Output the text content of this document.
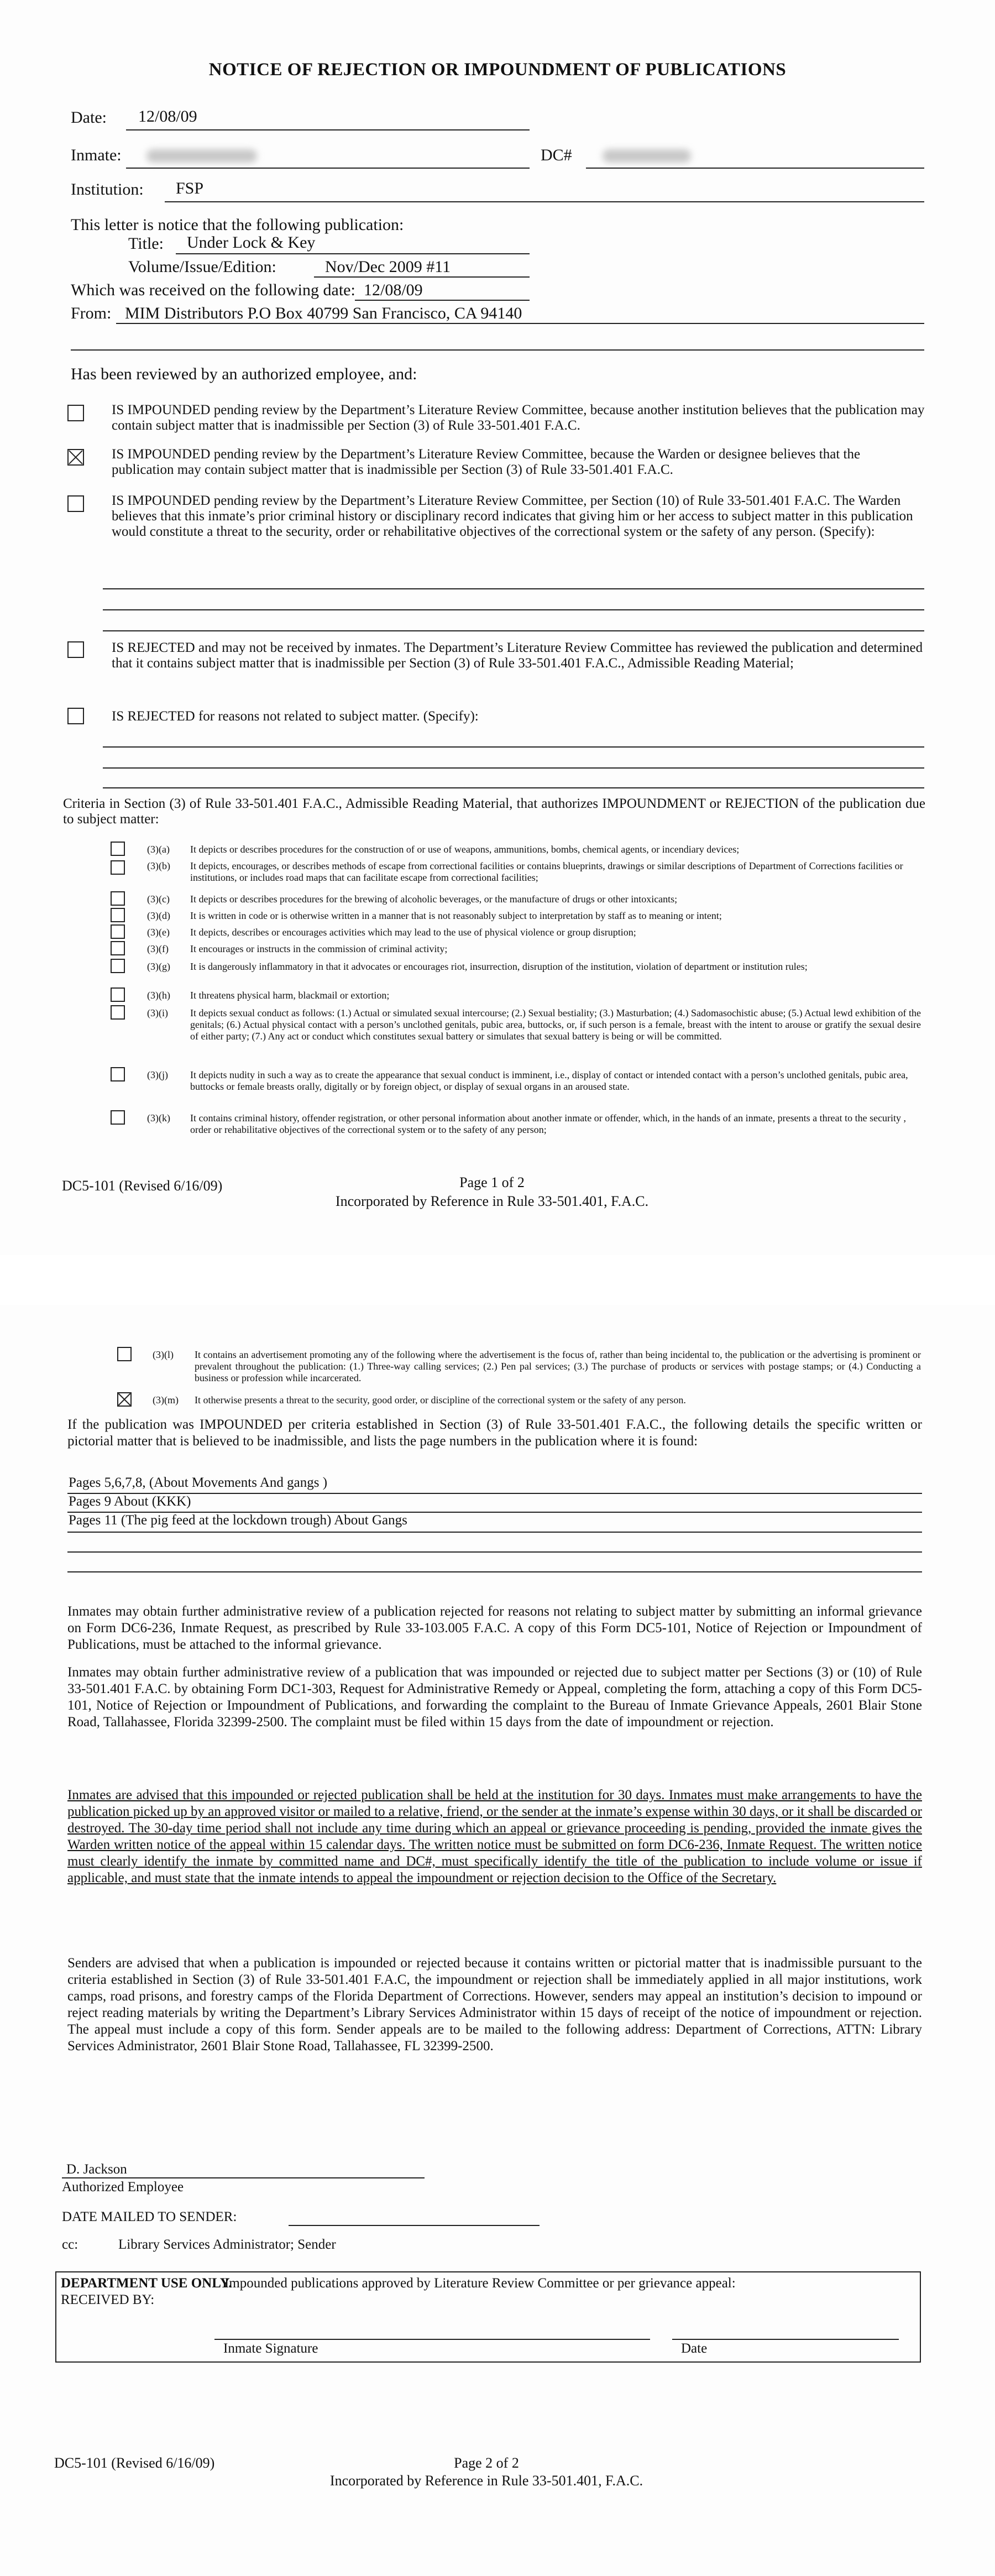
NOTICE OF REJECTION OR IMPOUNDMENT OF PUBLICATIONS
Date: 12/08/09
Inmate:	DC#
Institution: FSP
This letter is notice that the following publication:
Title: Under Lock & Key
Volume/Issue/Edition:	Nov/Dec 2009 #11
Which was received on the following date: 12/08/09
From: MIM Distributors P.O Box 40799 San Francisco, CA 94140
Has been reviewed by an authorized employee, and:
IS IMPOUNDED pending review by the Department’s Literature Review Committee, because another institution believes that the publication may contain subject matter that is inadmissible per Section (3) of Rule 33-501.401 F.A.C.
IS IMPOUNDED pending review by the Department’s Literature Review Committee, because the Warden or designee believes that the publication may contain subject matter that is inadmissible per Section (3) of Rule 33-501.401 F.A.C.
IS IMPOUNDED pending review by the Department’s Literature Review Committee, per Section (10) of Rule 33-501.401 F.A.C. The Warden believes that this inmate’s prior criminal history or disciplinary record indicates that giving him or her access to subject matter in this publication would constitute a threat to the security, order or rehabilitative objectives of the correctional system or the safety of any person. (Specify):
IS REJECTED and may not be received by inmates. The Department’s Literature Review Committee has reviewed the publication and determined that it contains subject matter that is inadmissible per Section (3) of Rule 33-501.401 F.A.C., Admissible Reading Material;
IS REJECTED for reasons not related to subject matter. (Specify):
Criteria in Section (3) of Rule 33-501.401 F.A.C., Admissible Reading Material, that authorizes IMPOUNDMENT or REJECTION of the publication due to subject matter:
(3)(a) It depicts or describes procedures for the construction of or use of weapons, ammunitions, bombs, chemical agents, or incendiary devices;
(3)(b) It depicts, encourages, or describes methods of escape from correctional facilities or contains blueprints, drawings or similar descriptions of Department of Corrections facilities or institutions, or includes road maps that can facilitate escape from correctional facilities;
(3)(c) It depicts or describes procedures for the brewing of alcoholic beverages, or the manufacture of drugs or other intoxicants;
(3)(d) It is written in code or is otherwise written in a manner that is not reasonably subject to interpretation by staff as to meaning or intent;
(3)(e) It depicts, describes or encourages activities which may lead to the use of physical violence or group disruption;
(3)(f) It encourages or instructs in the commission of criminal activity;
(3)(g) It is dangerously inflammatory in that it advocates or encourages riot, insurrection, disruption of the institution, violation of department or institution rules;
(3)(h) It threatens physical harm, blackmail or extortion;
(3)(i) It depicts sexual conduct as follows: (1.) Actual or simulated sexual intercourse; (2.) Sexual bestiality; (3.) Masturbation; (4.) Sadomasochistic abuse; (5.) Actual lewd exhibition of the genitals; (6.) Actual physical contact with a person’s unclothed genitals, pubic area, buttocks, or, if such person is a female, breast with the intent to arouse or gratify the sexual desire of either party; (7.) Any act or conduct which constitutes sexual battery or simulates that sexual battery is being or will be committed.
(3)(j) It depicts nudity in such a way as to create the appearance that sexual conduct is imminent, i.e., display of contact or intended contact with a person’s unclothed genitals, pubic area, buttocks or female breasts orally, digitally or by foreign object, or display of sexual organs in an aroused state.
(3)(k) It contains criminal history, offender registration, or other personal information about another inmate or offender, which, in the hands of an inmate, presents a threat to the security , order or rehabilitative objectives of the correctional system or to the safety of any person;
DC5-101 (Revised 6/16/09)	Page 1 of 2
Incorporated by Reference in Rule 33-501.401, F.A.C.
(3)(l) It contains an advertisement promoting any of the following where the advertisement is the focus of, rather than being incidental to, the publication or the advertising is prominent or prevalent throughout the publication: (1.) Three-way calling services; (2.) Pen pal services; (3.) The purchase of products or services with postage stamps; or (4.) Conducting a business or profession while incarcerated.
(3)(m) It otherwise presents a threat to the security, good order, or discipline of the correctional system or the safety of any person.
If the publication was IMPOUNDED per criteria established in Section (3) of Rule 33-501.401 F.A.C., the following details the specific written or pictorial matter that is believed to be inadmissible, and lists the page numbers in the publication where it is found:
Pages 5,6,7,8, (About Movements And gangs )
Pages 9 About (KKK)
Pages 11 (The pig feed at the lockdown trough) About Gangs
Inmates may obtain further administrative review of a publication rejected for reasons not relating to subject matter by submitting an informal grievance on Form DC6-236, Inmate Request, as prescribed by Rule 33-103.005 F.A.C. A copy of this Form DC5-101, Notice of Rejection or Impoundment of Publications, must be attached to the informal grievance.
Inmates may obtain further administrative review of a publication that was impounded or rejected due to subject matter per Sections (3) or (10) of Rule 33-501.401 F.A.C. by obtaining Form DC1-303, Request for Administrative Remedy or Appeal, completing the form, attaching a copy of this Form DC5-101, Notice of Rejection or Impoundment of Publications, and forwarding the complaint to the Bureau of Inmate Grievance Appeals, 2601 Blair Stone Road, Tallahassee, Florida 32399-2500. The complaint must be filed within 15 days from the date of impoundment or rejection.
Inmates are advised that this impounded or rejected publication shall be held at the institution for 30 days. Inmates must make arrangements to have the publication picked up by an approved visitor or mailed to a relative, friend, or the sender at the inmate’s expense within 30 days, or it shall be discarded or destroyed. The 30-day time period shall not include any time during which an appeal or grievance proceeding is pending, provided the inmate gives the Warden written notice of the appeal within 15 calendar days. The written notice must be submitted on form DC6-236, Inmate Request. The written notice must clearly identify the inmate by committed name and DC#, must specifically identify the title of the publication to include volume or issue if applicable, and must state that the inmate intends to appeal the impoundment or rejection decision to the Office of the Secretary.
Senders are advised that when a publication is impounded or rejected because it contains written or pictorial matter that is inadmissible pursuant to the criteria established in Section (3) of Rule 33-501.401 F.A.C, the impoundment or rejection shall be immediately applied in all major institutions, work camps, road prisons, and forestry camps of the Florida Department of Corrections. However, senders may appeal an institution’s decision to impound or reject reading materials by writing the Department’s Library Services Administrator within 15 days of receipt of the notice of impoundment or rejection. The appeal must include a copy of this form. Sender appeals are to be mailed to the following address: Department of Corrections, ATTN: Library Services Administrator, 2601 Blair Stone Road, Tallahassee, FL 32399-2500.
D. Jackson
Authorized Employee
DATE MAILED TO SENDER:
cc:	Library Services Administrator; Sender
DEPARTMENT USE ONLY.
Impounded publications approved by Literature Review Committee or per grievance appeal:
RECEIVED BY:
Inmate Signature	Date
DC5-101 (Revised 6/16/09)	Page 2 of 2
Incorporated by Reference in Rule 33-501.401, F.A.C.
